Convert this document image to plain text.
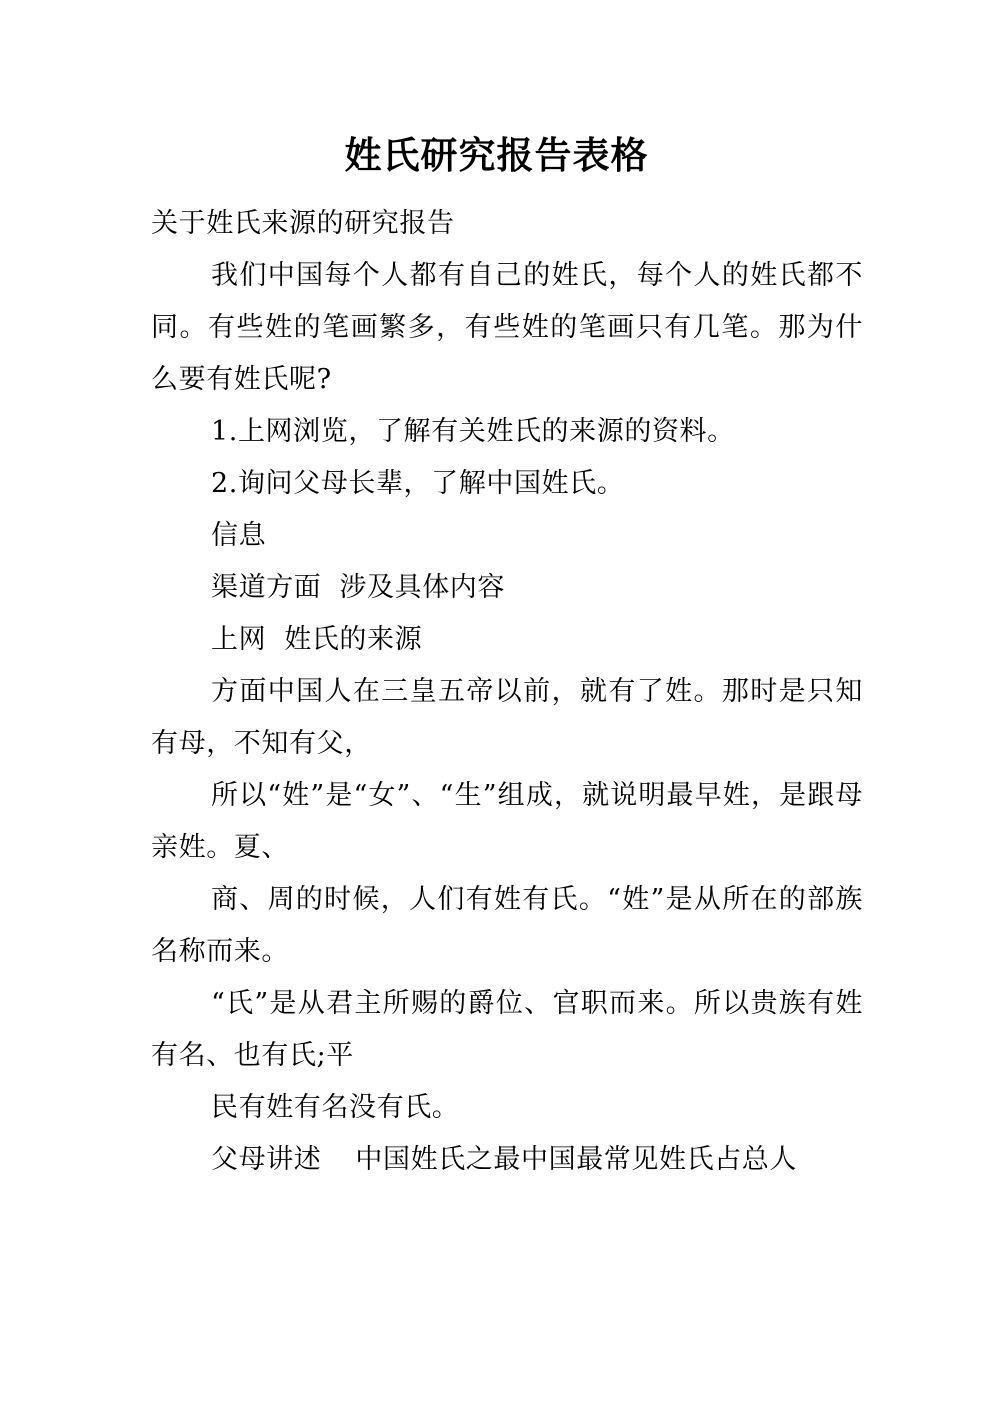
姓氏研究报告表格

关于姓氏来源的研究报告

我们中国每个人都有自己的姓氏，每个人的姓氏都不同。有些姓的笔画繁多，有些姓的笔画只有几笔。那为什么要有姓氏呢?

1.上网浏览，了解有关姓氏的来源的资料。

2.询问父母长辈，了解中国姓氏。

信息

渠道方面 涉及具体内容

上网 姓氏的来源

方面中国人在三皇五帝以前，就有了姓。那时是只知有母，不知有父，

所以“姓”是“女”、“生”组成，就说明最早姓，是跟母亲姓。夏、

商、周的时候，人们有姓有氏。“姓”是从所在的部族名称而来。

“氏”是从君主所赐的爵位、官职而来。所以贵族有姓有名、也有氏;平

民有姓有名没有氏。

父母讲述 中国姓氏之最中国最常见姓氏占总人
